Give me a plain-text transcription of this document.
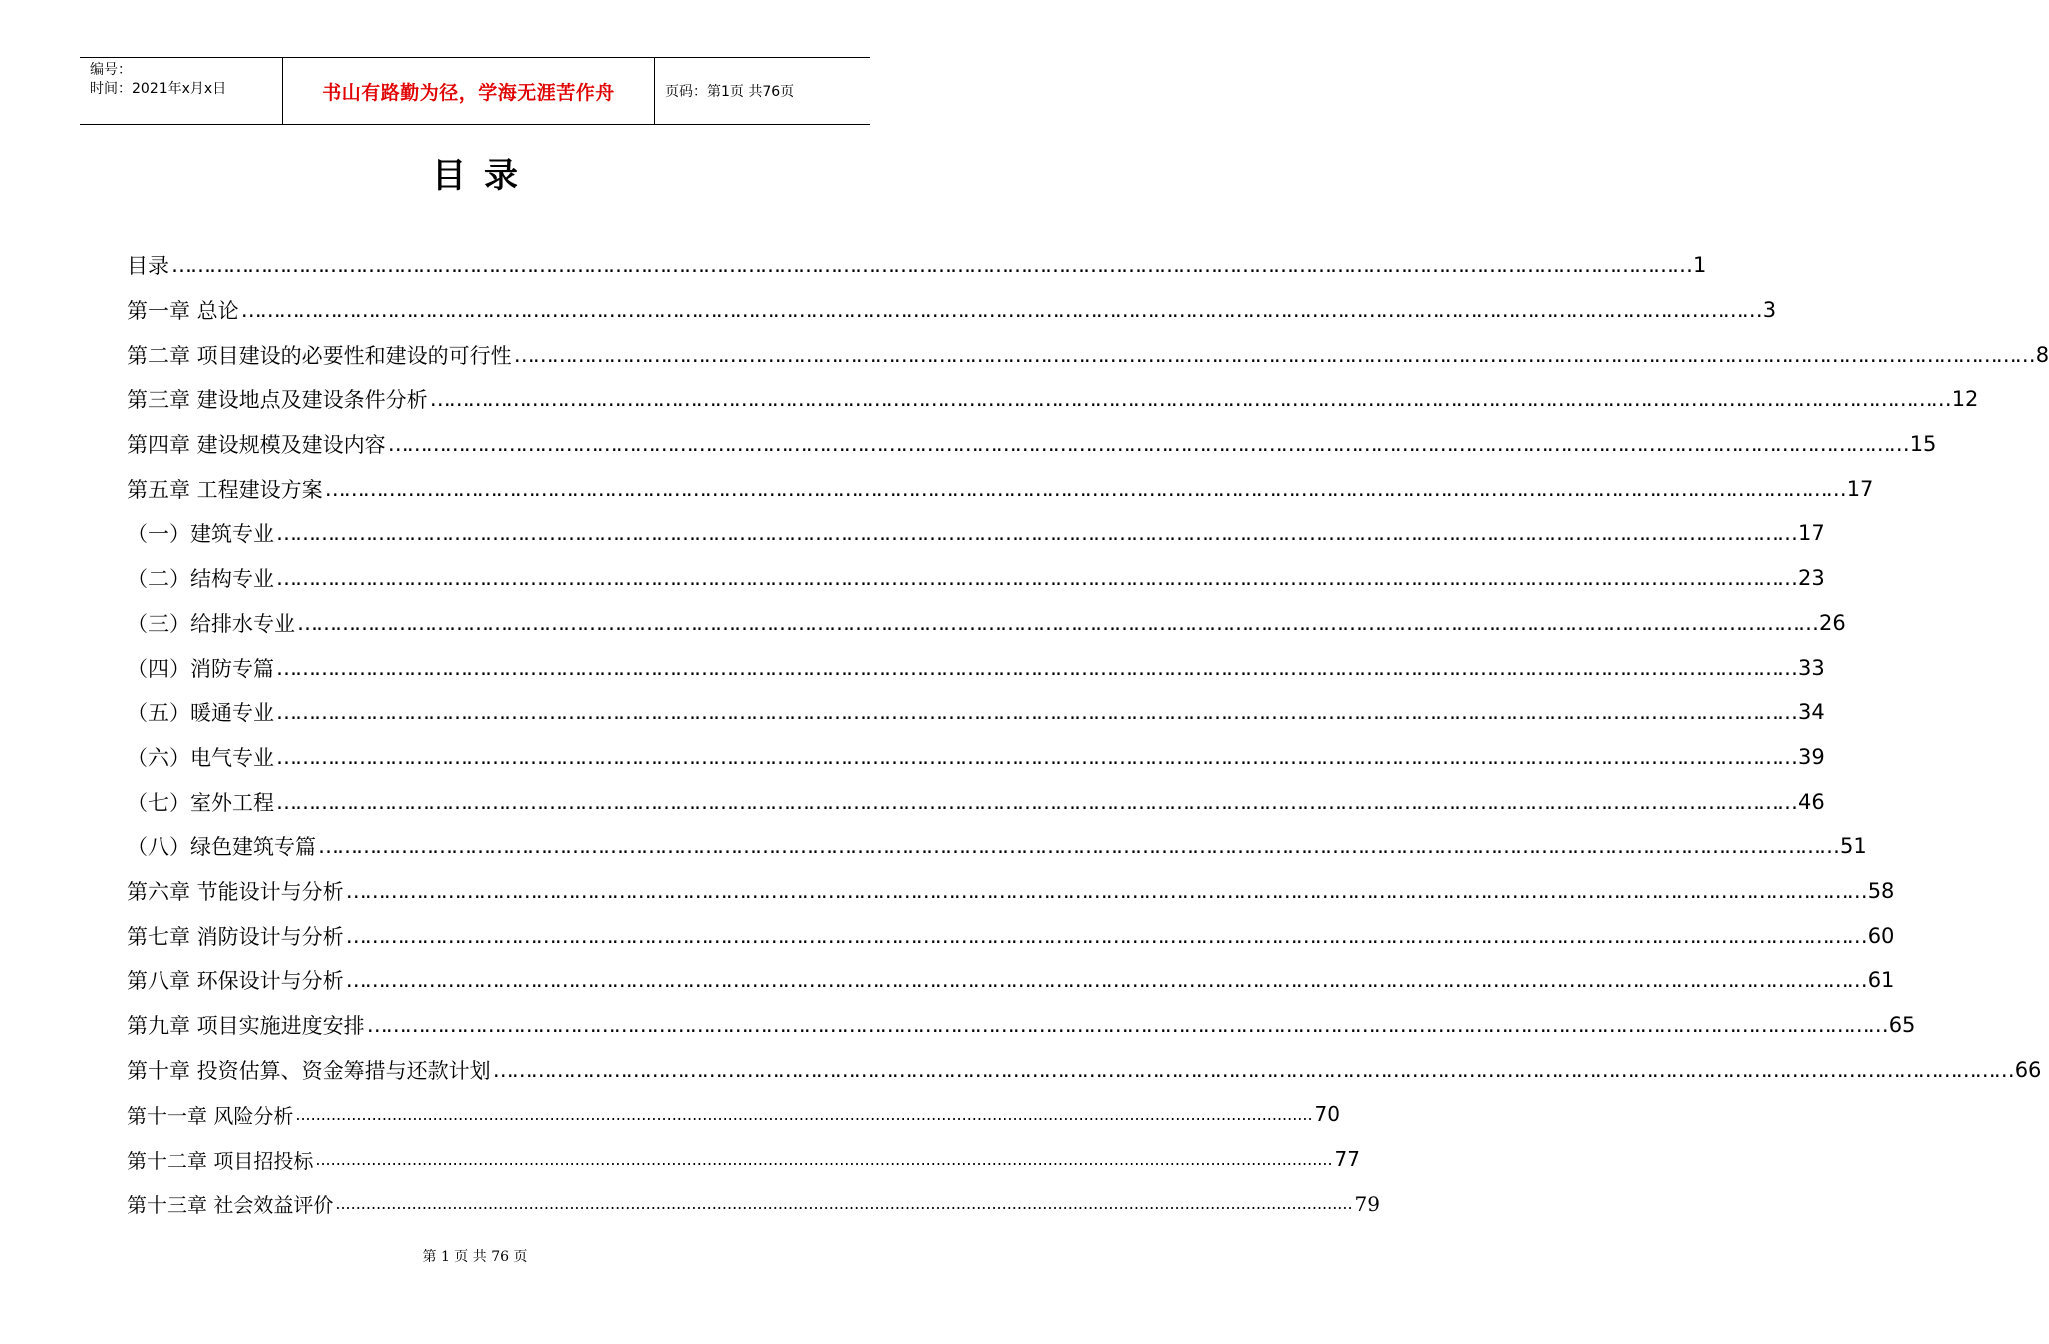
编号：
时间：2021年x月x日	书山有路勤为径，学海无涯苦作舟	页码：第1页 共76页
目录
目录 …………………………………………………………………………………………………………………………………………………………………………………………………………………… 1
第一章 总论 …………………………………………………………………………………………………………………………………………………………………………………………………………………… 3
第二章 项目建设的必要性和建设的可行性 …………………………………………………………………………………………………………………………………………………………………………………………………………………… 8
第三章 建设地点及建设条件分析 …………………………………………………………………………………………………………………………………………………………………………………………………………………… 12
第四章 建设规模及建设内容 …………………………………………………………………………………………………………………………………………………………………………………………………………………… 15
第五章 工程建设方案 …………………………………………………………………………………………………………………………………………………………………………………………………………………… 17
（一）建筑专业 …………………………………………………………………………………………………………………………………………………………………………………………………………………… 17
（二）结构专业 …………………………………………………………………………………………………………………………………………………………………………………………………………………… 23
（三）给排水专业 …………………………………………………………………………………………………………………………………………………………………………………………………………………… 26
（四）消防专篇 …………………………………………………………………………………………………………………………………………………………………………………………………………………… 33
（五）暖通专业 …………………………………………………………………………………………………………………………………………………………………………………………………………………… 34
（六）电气专业 …………………………………………………………………………………………………………………………………………………………………………………………………………………… 39
（七）室外工程 …………………………………………………………………………………………………………………………………………………………………………………………………………………… 46
（八）绿色建筑专篇 …………………………………………………………………………………………………………………………………………………………………………………………………………………… 51
第六章 节能设计与分析 …………………………………………………………………………………………………………………………………………………………………………………………………………………… 58
第七章 消防设计与分析 …………………………………………………………………………………………………………………………………………………………………………………………………………………… 60
第八章 环保设计与分析 …………………………………………………………………………………………………………………………………………………………………………………………………………………… 61
第九章 项目实施进度安排 …………………………………………………………………………………………………………………………………………………………………………………………………………………… 65
第十章 投资估算、资金筹措与还款计划 …………………………………………………………………………………………………………………………………………………………………………………………………………………… 66
第十一章 风险分析 ........................................................................................................................................................................................................ 70
第十二章 项目招投标 ........................................................................................................................................................................................................ 77
第十三章 社会效益评价 ........................................................................................................................................................................................................ 79
第 1 页 共 76 页
